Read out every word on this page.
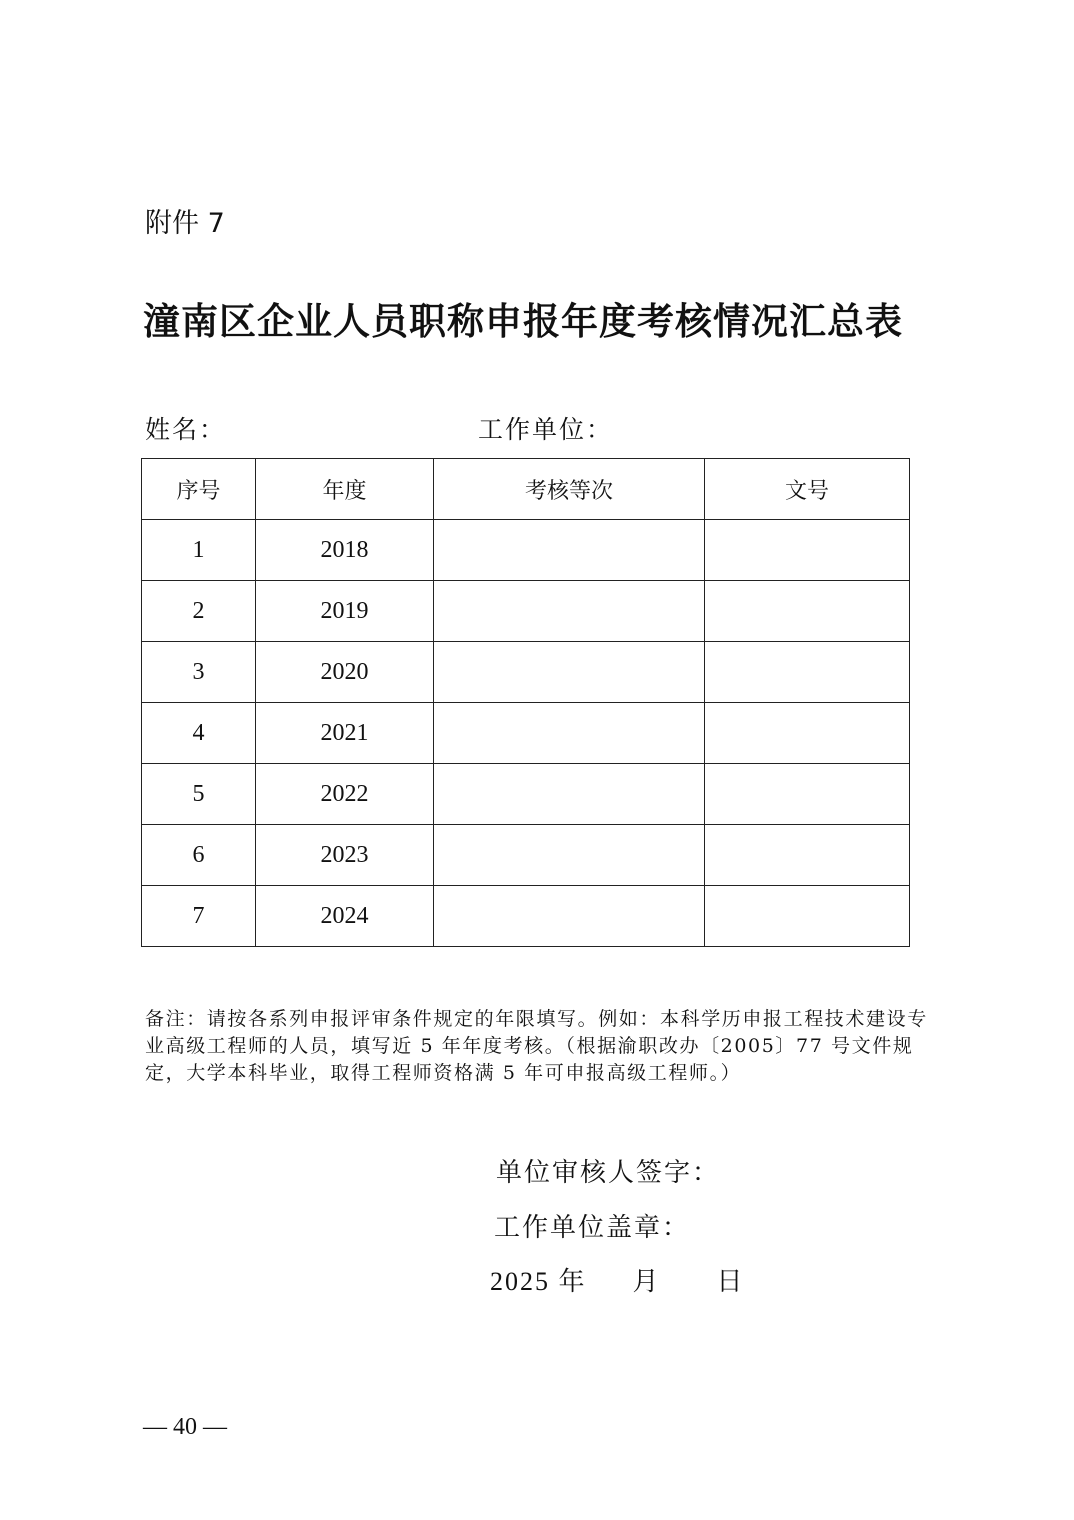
附件 7
潼南区企业人员职称申报年度考核情况汇总表
姓名：	工作单位：
序号	年度	考核等次	文号
1	2018		
2	2019		
3	2020		
4	2021		
5	2022		
6	2023		
7	2024		
备注：请按各系列申报评审条件规定的年限填写。例如：本科学历申报工程技术建设专业高级工程师的人员，填写近 5 年年度考核。（根据渝职改办〔2005〕77 号文件规定，大学本科毕业，取得工程师资格满 5 年可申报高级工程师。）
单位审核人签字：
工作单位盖章：
2025 年 月 日
— 40 —
